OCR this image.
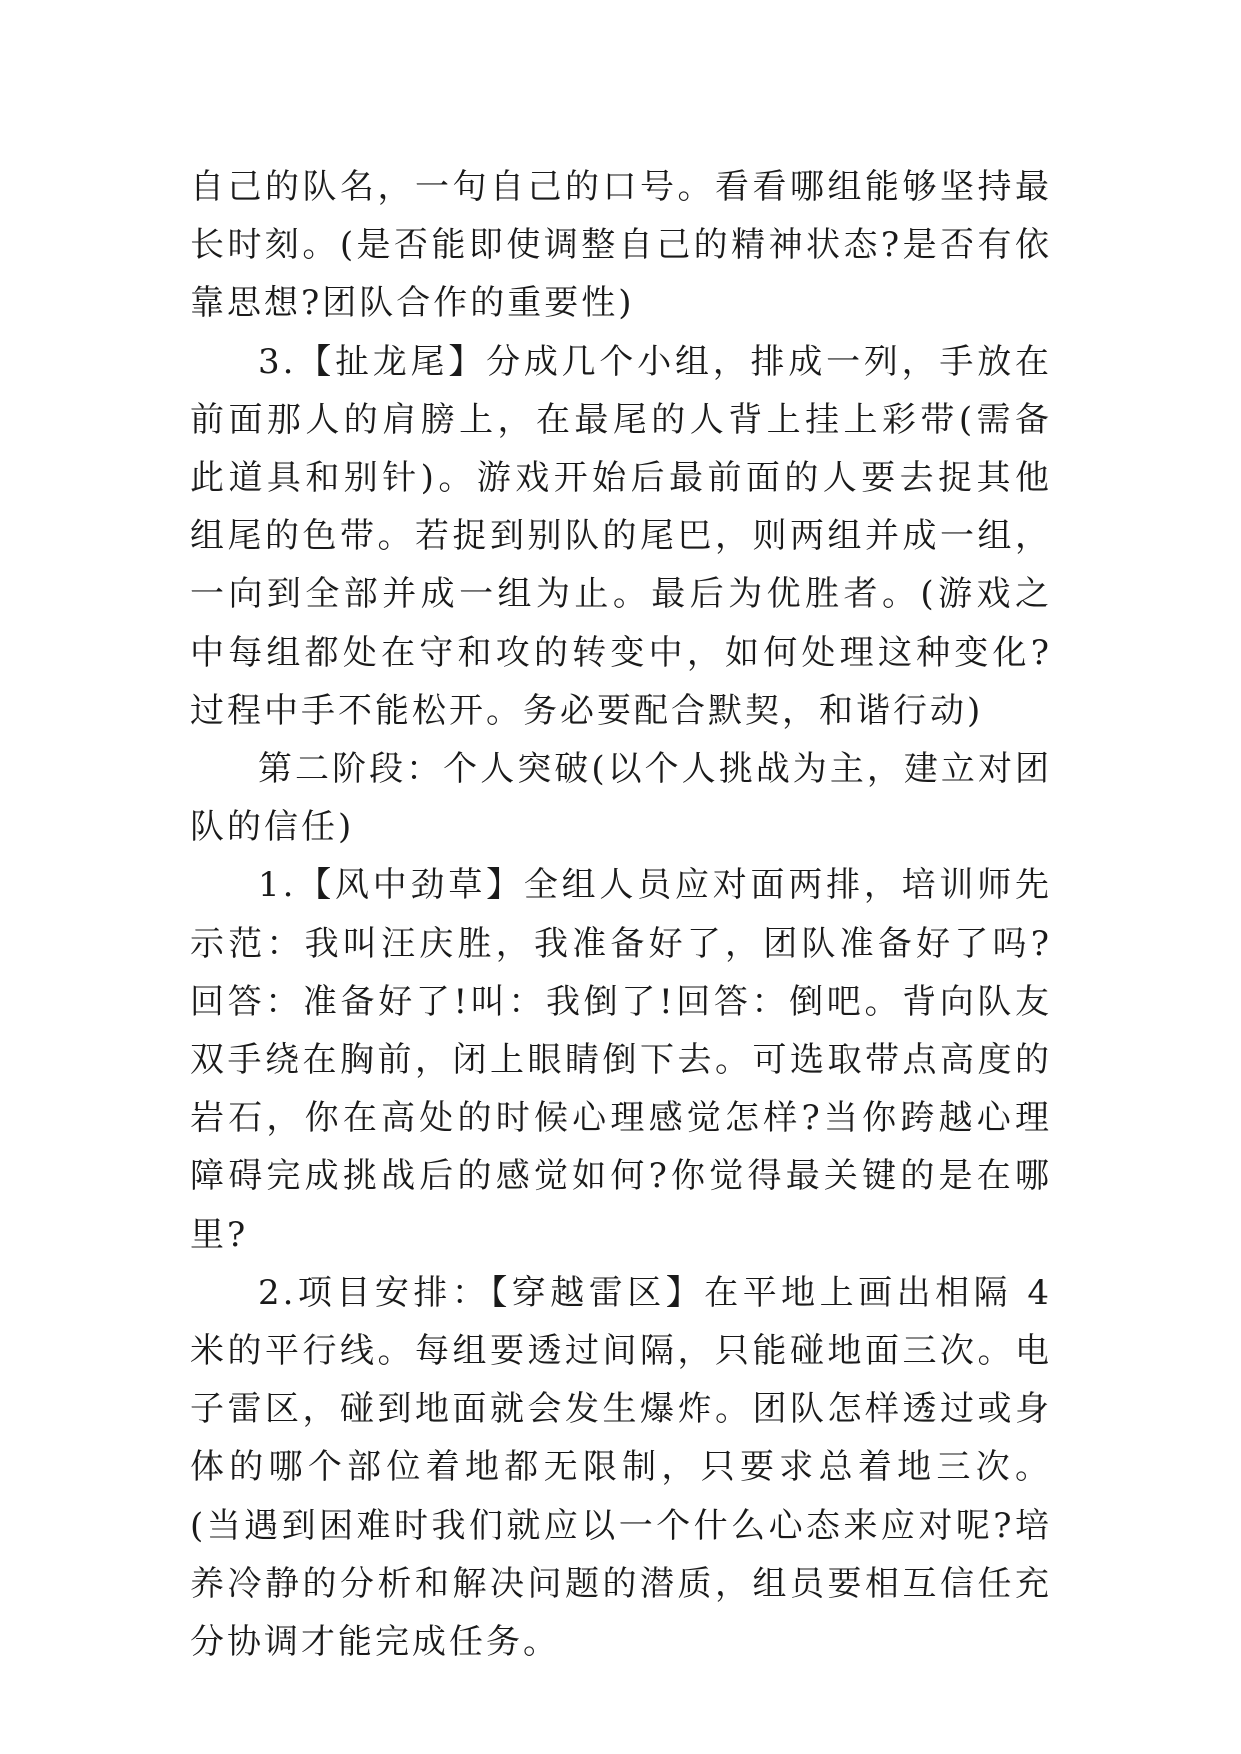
自己的队名，一句自己的口号。看看哪组能够坚持最长时刻。(是否能即使调整自己的精神状态?是否有依靠思想?团队合作的重要性)

3.【扯龙尾】分成几个小组，排成一列，手放在前面那人的肩膀上，在最尾的人背上挂上彩带(需备此道具和别针)。游戏开始后最前面的人要去捉其他组尾的色带。若捉到别队的尾巴，则两组并成一组，一向到全部并成一组为止。最后为优胜者。(游戏之中每组都处在守和攻的转变中，如何处理这种变化?过程中手不能松开。务必要配合默契，和谐行动)

第二阶段：个人突破(以个人挑战为主，建立对团队的信任)

1.【风中劲草】全组人员应对面两排，培训师先示范：我叫汪庆胜，我准备好了，团队准备好了吗?回答：准备好了!叫：我倒了!回答：倒吧。背向队友双手绕在胸前，闭上眼睛倒下去。可选取带点高度的岩石，你在高处的时候心理感觉怎样?当你跨越心理障碍完成挑战后的感觉如何?你觉得最关键的是在哪里?

2.项目安排：【穿越雷区】在平地上画出相隔 4 米的平行线。每组要透过间隔，只能碰地面三次。电子雷区，碰到地面就会发生爆炸。团队怎样透过或身体的哪个部位着地都无限制，只要求总着地三次。(当遇到困难时我们就应以一个什么心态来应对呢?培养冷静的分析和解决问题的潜质，组员要相互信任充分协调才能完成任务。
